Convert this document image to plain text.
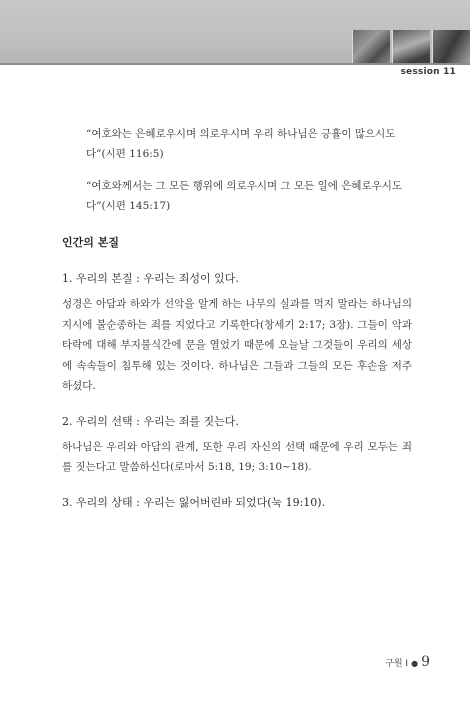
session 11

“여호와는 은혜로우시며 의로우시며 우리 하나님은 긍휼이 많으시도다”(시편 116:5)

“여호와께서는 그 모든 행위에 의로우시며 그 모든 일에 은혜로우시도다”(시편 145:17)

인간의 본질

1. 우리의 본질 : 우리는 죄성이 있다.

성경은 아담과 하와가 선악을 알게 하는 나무의 실과를 먹지 말라는 하나님의 지시에 불순종하는 죄를 지었다고 기록한다(창세기 2:17; 3장). 그들이 악과 타락에 대해 부지불식간에 문을 열었기 때문에 오늘날 그것들이 우리의 세상에 속속들이 침투해 있는 것이다. 하나님은 그들과 그들의 모든 후손을 저주하셨다.

2. 우리의 선택 : 우리는 죄를 짓는다.

하나님은 우리와 아담의 관계, 또한 우리 자신의 선택 때문에 우리 모두는 죄를 짓는다고 말씀하신다(로마서 5:18, 19; 3:10~18).

3. 우리의 상태 : 우리는 잃어버린바 되었다(눅 19:10).

구원 I ● 9
